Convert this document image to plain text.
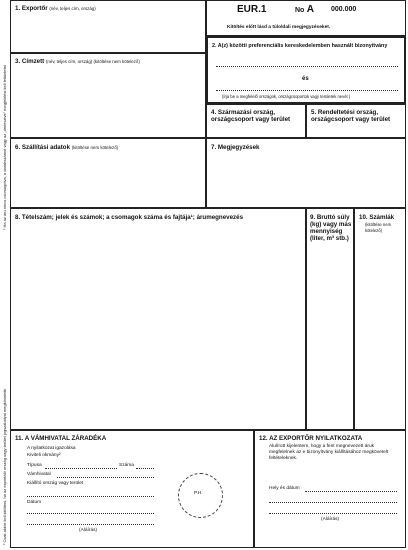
¹ Ha az áru nincs csomagolva, a darabszámot vagy az „ömlesztve” megjelölést kell feltüntetni
² Csak akkor kell kitölteni, ha az exportáló ország vagy terület jogszabályai megkövetelik
1. Exportőr (név, teljes cím, ország)	EUR.1	No A 000.000
Kitöltés előtt lásd a túloldali megjegyzéseket.
2. A(z) közötti preferenciális kereskedelemben használt bizonyítvány
és
(Írja be a megfelelő országok, országcsoportok vagy területek nevét )
3. Címzett (név, teljes cím, ország) (kitöltése nem kötelező)
4. Származási ország, országcsoport vagy terület
5. Rendeltetési ország, országcsoport vagy terület
6. Szállítási adatok (kitöltése nem kötelező)	7. Megjegyzések
8. Tételszám; jelek és számok; a csomagok száma és fajtája¹; árumegnevezés	9. Bruttó súly (kg) vagy más mennyiség (liter, m³ stb.)
10. Számlák
(kitöltése nem kötelező)
11. A VÁMHIVATAL ZÁRADÉKA
A nyilatkozat igazolása
Kiviteli okmány²
Típusa	Száma
Vámhivatal
Kiállító ország vagy terület
Dátum
(Aláírás)
P.H.
12. AZ EXPORTŐR NYILATKOZATA
Alulírott kijelentem, hogy a fent megnevezett áruk megfelelnek az e bizonyítvány kiállításához megkövetelt feltételeknek.
Hely és dátum
(Aláírás)
